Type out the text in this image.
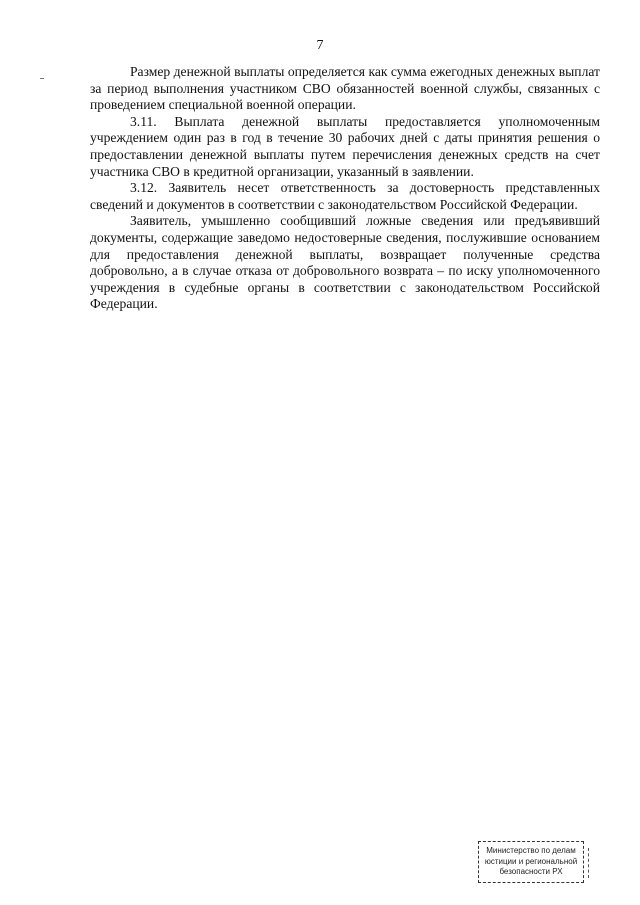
7

Размер денежной выплаты определяется как сумма ежегодных денежных выплат за период выполнения участником СВО обязанностей военной службы, связанных с проведением специальной военной операции.

3.11. Выплата денежной выплаты предоставляется уполномоченным учреждением один раз в год в течение 30 рабочих дней с даты принятия решения о предоставлении денежной выплаты путем перечисления денежных средств на счет участника СВО в кредитной организации, указанный в заявлении.

3.12. Заявитель несет ответственность за достоверность представленных сведений и документов в соответствии с законодательством Российской Федерации.

Заявитель, умышленно сообщивший ложные сведения или предъявивший документы, содержащие заведомо недостоверные сведения, послужившие основанием для предоставления денежной выплаты, возвращает полученные средства добровольно, а в случае отказа от добровольного возврата – по иску уполномоченного учреждения в судебные органы в соответствии с законодательством Российской Федерации.

Министерство по делам
юстиции и региональной
безопасности РХ
